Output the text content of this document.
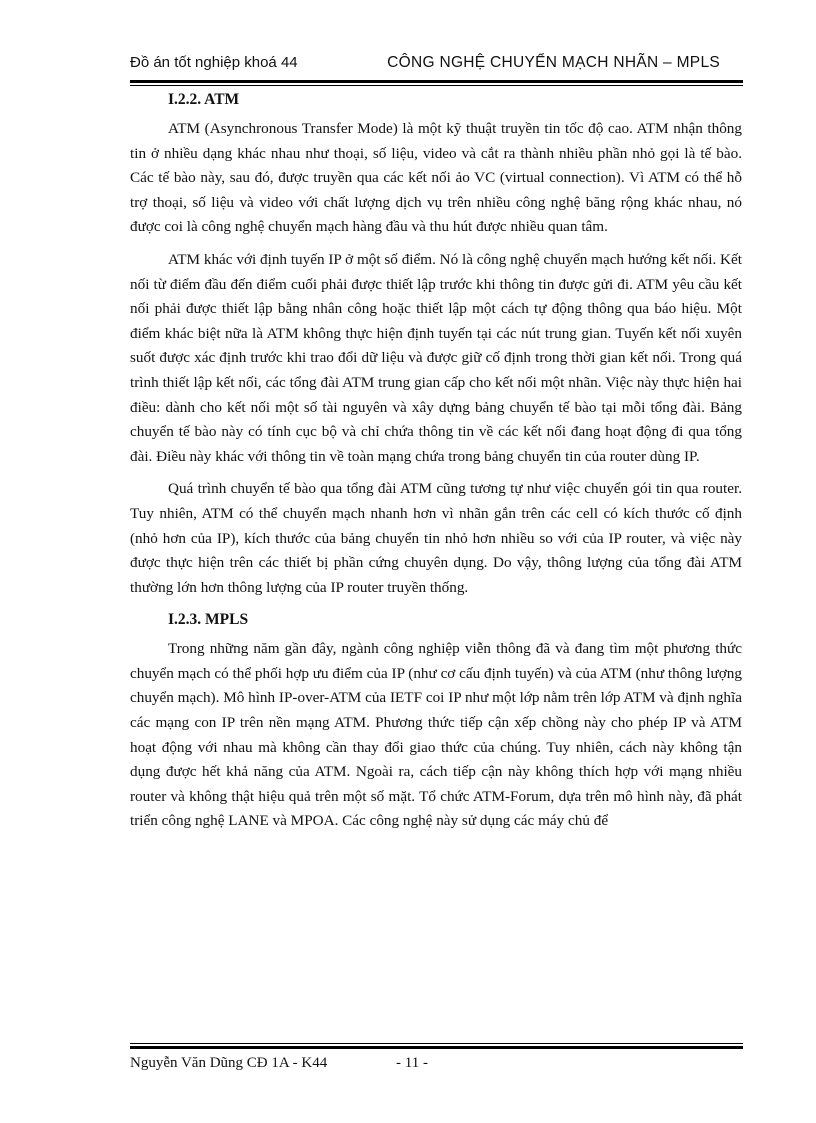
Đồ án tốt nghiệp khoá 44	CÔNG NGHỆ CHUYỂN MẠCH NHÃN – MPLS
I.2.2. ATM

ATM (Asynchronous Transfer Mode) là một kỹ thuật truyền tin tốc độ cao. ATM nhận thông tin ở nhiều dạng khác nhau như thoại, số liệu, video và cắt ra thành nhiều phần nhỏ gọi là tế bào. Các tế bào này, sau đó, được truyền qua các kết nối ảo VC (virtual connection). Vì ATM có thể hỗ trợ thoại, số liệu và video với chất lượng dịch vụ trên nhiều công nghệ băng rộng khác nhau, nó được coi là công nghệ chuyển mạch hàng đầu và thu hút được nhiều quan tâm.

ATM khác với định tuyến IP ở một số điểm. Nó là công nghệ chuyển mạch hướng kết nối. Kết nối từ điểm đầu đến điểm cuối phải được thiết lập trước khi thông tin được gửi đi. ATM yêu cầu kết nối phải được thiết lập bằng nhân công hoặc thiết lập một cách tự động thông qua báo hiệu. Một điểm khác biệt nữa là ATM không thực hiện định tuyến tại các nút trung gian. Tuyến kết nối xuyên suốt được xác định trước khi trao đổi dữ liệu và được giữ cố định trong thời gian kết nối. Trong quá trình thiết lập kết nối, các tổng đài ATM trung gian cấp cho kết nối một nhãn. Việc này thực hiện hai điều: dành cho kết nối một số tài nguyên và xây dựng bảng chuyển tế bào tại mỗi tổng đài. Bảng chuyển tế bào này có tính cục bộ và chỉ chứa thông tin về các kết nối đang hoạt động đi qua tổng đài. Điều này khác với thông tin về toàn mạng chứa trong bảng chuyển tin của router dùng IP.

Quá trình chuyển tế bào qua tổng đài ATM cũng tương tự như việc chuyển gói tin qua router. Tuy nhiên, ATM có thể chuyển mạch nhanh hơn vì nhãn gắn trên các cell có kích thước cố định (nhỏ hơn của IP), kích thước của bảng chuyển tin nhỏ hơn nhiều so với của IP router, và việc này được thực hiện trên các thiết bị phần cứng chuyên dụng. Do vậy, thông lượng của tổng đài ATM thường lớn hơn thông lượng của IP router truyền thống.

I.2.3. MPLS

Trong những năm gần đây, ngành công nghiệp viễn thông đã và đang tìm một phương thức chuyển mạch có thể phối hợp ưu điểm của IP (như cơ cấu định tuyến) và của ATM (như thông lượng chuyển mạch). Mô hình IP-over-ATM của IETF coi IP như một lớp nằm trên lớp ATM và định nghĩa các mạng con IP trên nền mạng ATM. Phương thức tiếp cận xếp chồng này cho phép IP và ATM hoạt động với nhau mà không cần thay đổi giao thức của chúng. Tuy nhiên, cách này không tận dụng được hết khả năng của ATM. Ngoài ra, cách tiếp cận này không thích hợp với mạng nhiều router và không thật hiệu quả trên một số mặt. Tổ chức ATM-Forum, dựa trên mô hình này, đã phát triển công nghệ LANE và MPOA. Các công nghệ này sử dụng các máy chủ để

Nguyễn Văn Dũng CĐ 1A - K44	- 11 -
